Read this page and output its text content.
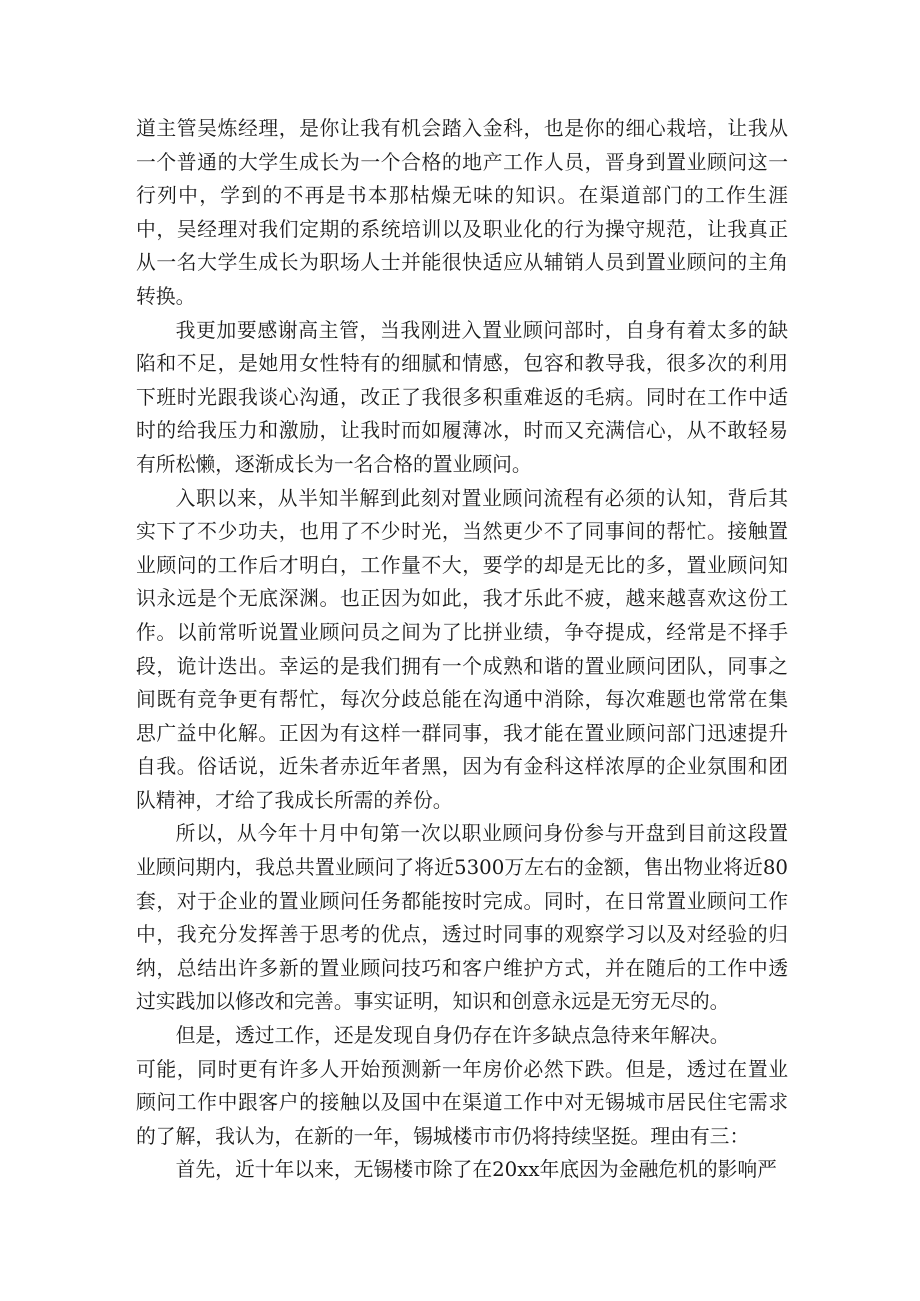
道主管吴炼经理，是你让我有机会踏入金科，也是你的细心栽培，让我从一个普通的大学生成长为一个合格的地产工作人员，晋身到置业顾问这一行列中，学到的不再是书本那枯燥无味的知识。在渠道部门的工作生涯中，吴经理对我们定期的系统培训以及职业化的行为操守规范，让我真正从一名大学生成长为职场人士并能很快适应从辅销人员到置业顾问的主角转换。

我更加要感谢高主管，当我刚进入置业顾问部时，自身有着太多的缺陷和不足，是她用女性特有的细腻和情感，包容和教导我，很多次的利用下班时光跟我谈心沟通，改正了我很多积重难返的毛病。同时在工作中适时的给我压力和激励，让我时而如履薄冰，时而又充满信心，从不敢轻易有所松懒，逐渐成长为一名合格的置业顾问。

入职以来，从半知半解到此刻对置业顾问流程有必须的认知，背后其实下了不少功夫，也用了不少时光，当然更少不了同事间的帮忙。接触置业顾问的工作后才明白，工作量不大，要学的却是无比的多，置业顾问知识永远是个无底深渊。也正因为如此，我才乐此不疲，越来越喜欢这份工作。以前常听说置业顾问员之间为了比拼业绩，争夺提成，经常是不择手段，诡计迭出。幸运的是我们拥有一个成熟和谐的置业顾问团队，同事之间既有竞争更有帮忙，每次分歧总能在沟通中消除，每次难题也常常在集思广益中化解。正因为有这样一群同事，我才能在置业顾问部门迅速提升自我。俗话说，近朱者赤近年者黑，因为有金科这样浓厚的企业氛围和团队精神，才给了我成长所需的养份。

所以，从今年十月中旬第一次以职业顾问身份参与开盘到目前这段置业顾问期内，我总共置业顾问了将近5300万左右的金额，售出物业将近80套，对于企业的置业顾问任务都能按时完成。同时，在日常置业顾问工作中，我充分发挥善于思考的优点，透过时同事的观察学习以及对经验的归纳，总结出许多新的置业顾问技巧和客户维护方式，并在随后的工作中透过实践加以修改和完善。事实证明，知识和创意永远是无穷无尽的。

但是，透过工作，还是发现自身仍存在许多缺点急待来年解决。

可能，同时更有许多人开始预测新一年房价必然下跌。但是，透过在置业顾问工作中跟客户的接触以及国中在渠道工作中对无锡城市居民住宅需求的了解，我认为，在新的一年，锡城楼市市仍将持续坚挺。理由有三：

首先，近十年以来，无锡楼市除了在20xx年底因为金融危机的影响严
